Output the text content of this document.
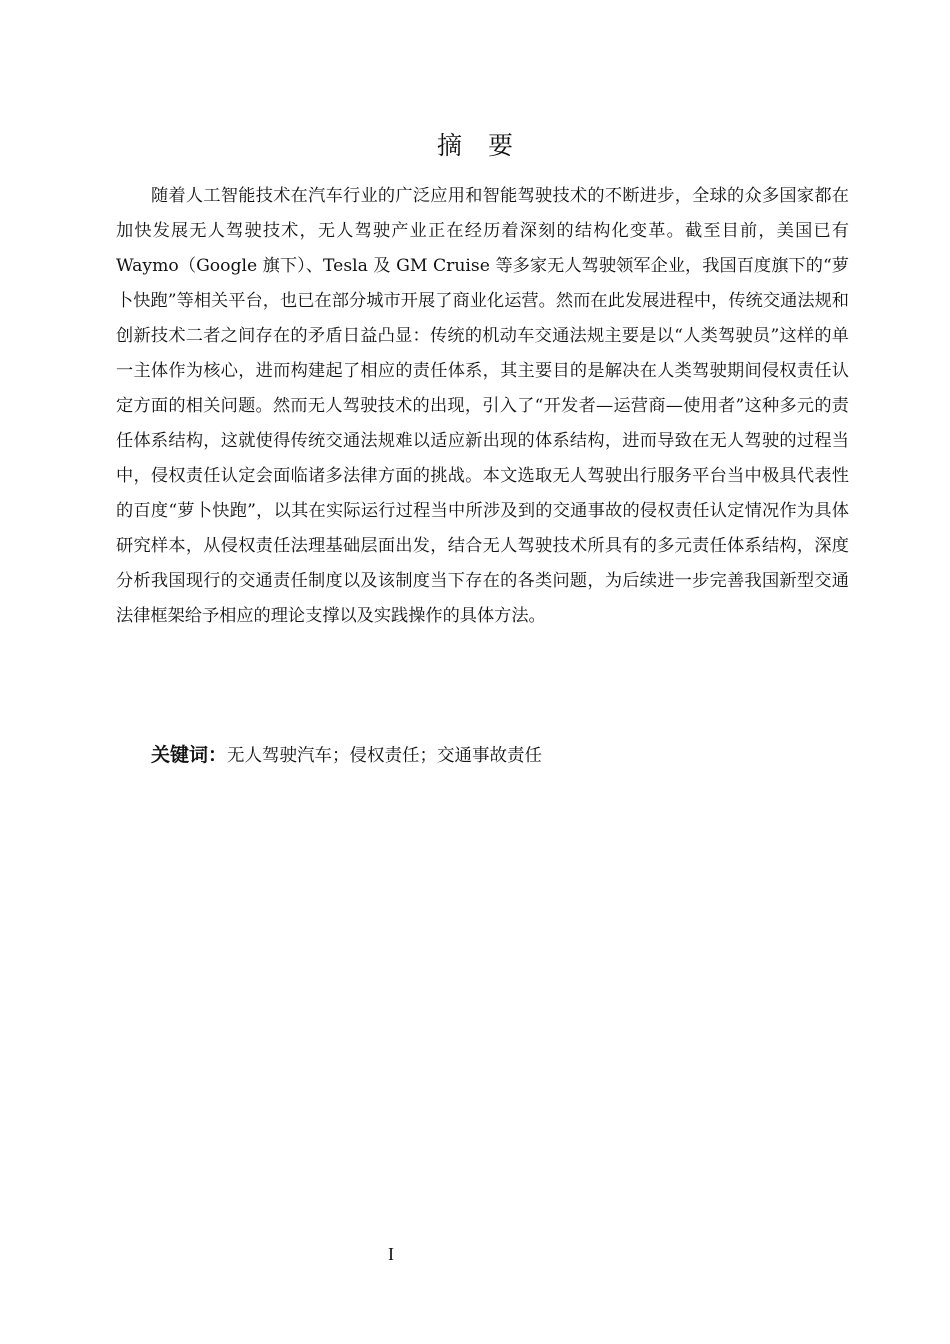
摘要

随着人工智能技术在汽车行业的广泛应用和智能驾驶技术的不断进步，全球的众多国家都在加快发展无人驾驶技术，无人驾驶产业正在经历着深刻的结构化变革。截至目前，美国已有 Waymo（Google 旗下）、Tesla 及 GM Cruise 等多家无人驾驶领军企业，我国百度旗下的“萝卜快跑”等相关平台，也已在部分城市开展了商业化运营。然而在此发展进程中，传统交通法规和创新技术二者之间存在的矛盾日益凸显：传统的机动车交通法规主要是以“人类驾驶员”这样的单一主体作为核心，进而构建起了相应的责任体系，其主要目的是解决在人类驾驶期间侵权责任认定方面的相关问题。然而无人驾驶技术的出现，引入了“开发者—运营商—使用者”这种多元的责任体系结构，这就使得传统交通法规难以适应新出现的体系结构，进而导致在无人驾驶的过程当中，侵权责任认定会面临诸多法律方面的挑战。本文选取无人驾驶出行服务平台当中极具代表性的百度“萝卜快跑”，以其在实际运行过程当中所涉及到的交通事故的侵权责任认定情况作为具体研究样本，从侵权责任法理基础层面出发，结合无人驾驶技术所具有的多元责任体系结构，深度分析我国现行的交通责任制度以及该制度当下存在的各类问题，为后续进一步完善我国新型交通法律框架给予相应的理论支撑以及实践操作的具体方法。

关键词：无人驾驶汽车；侵权责任；交通事故责任
I
